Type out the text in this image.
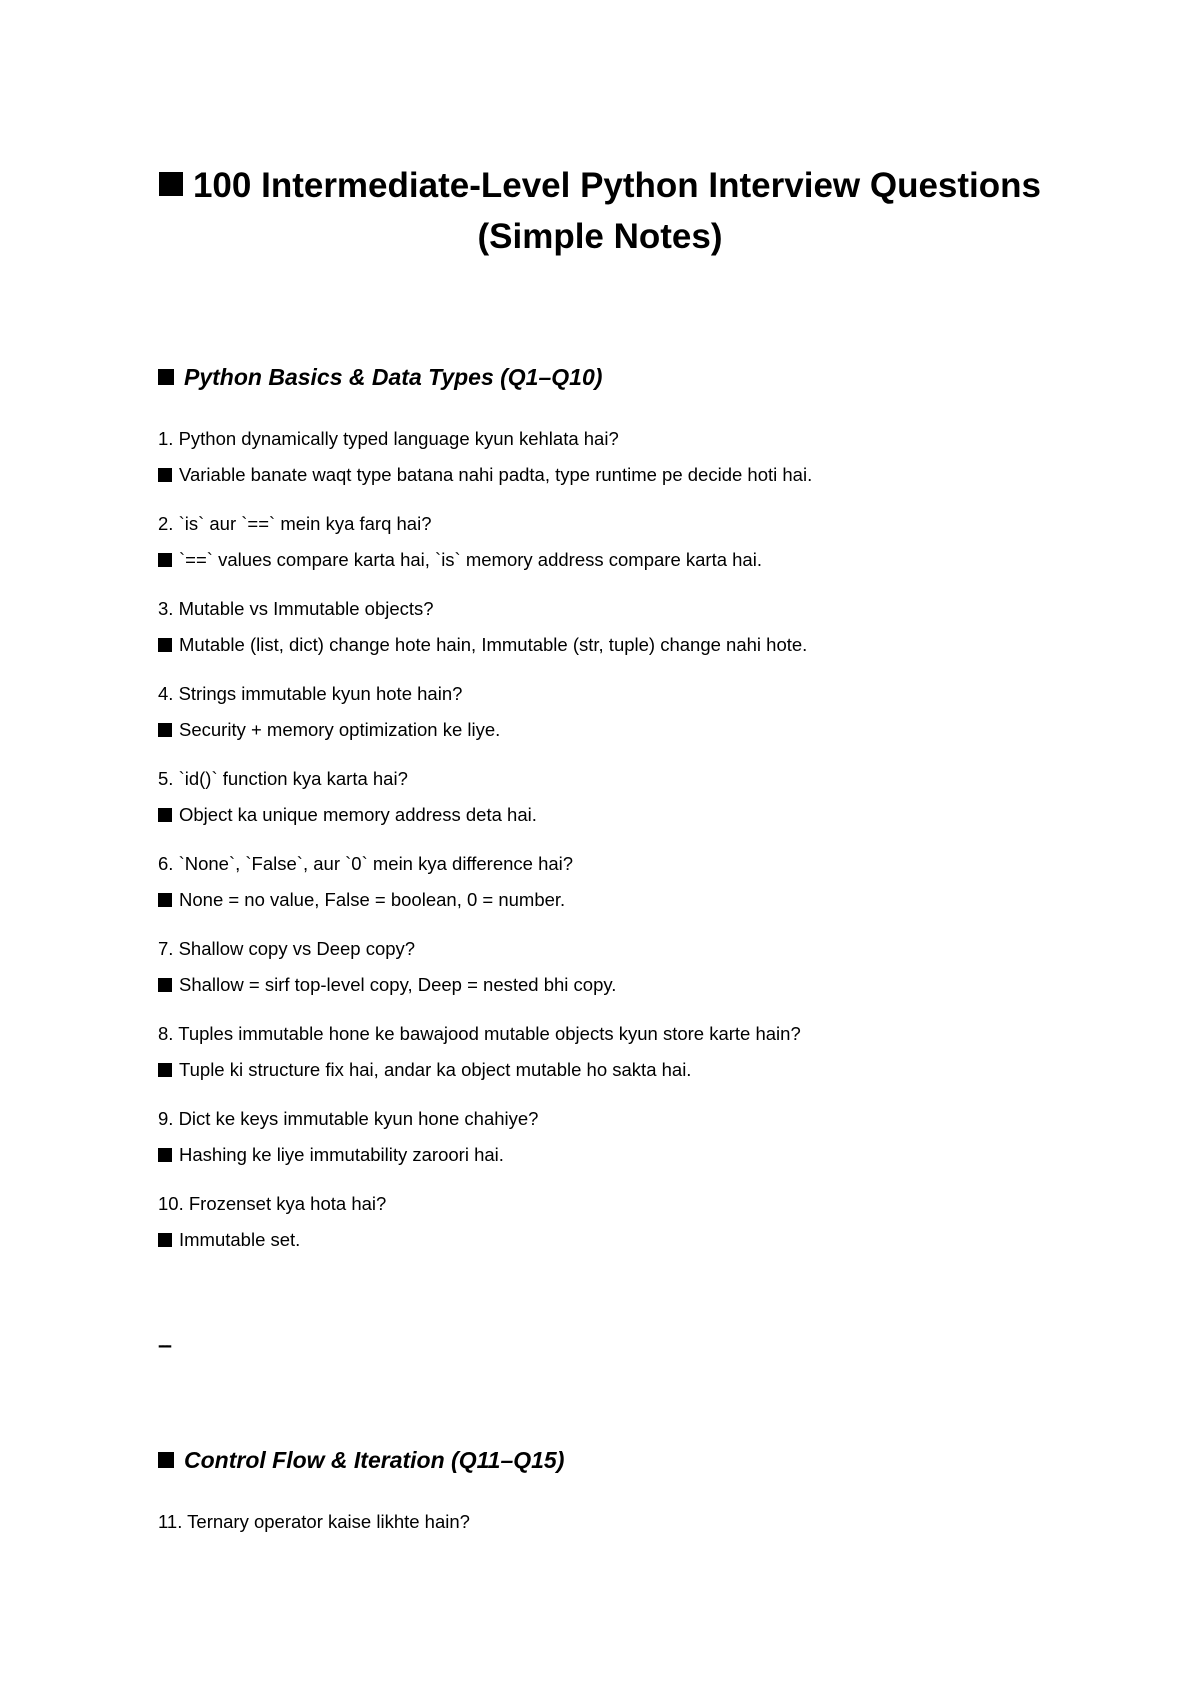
100 Intermediate-Level Python Interview Questions (Simple Notes)
Python Basics & Data Types (Q1–Q10)

1. Python dynamically typed language kyun kehlata hai?

Variable banate waqt type batana nahi padta, type runtime pe decide hoti hai.

2. `is` aur `==` mein kya farq hai?

`==` values compare karta hai, `is` memory address compare karta hai.

3. Mutable vs Immutable objects?

Mutable (list, dict) change hote hain, Immutable (str, tuple) change nahi hote.

4. Strings immutable kyun hote hain?

Security + memory optimization ke liye.

5. `id()` function kya karta hai?

Object ka unique memory address deta hai.

6. `None`, `False`, aur `0` mein kya difference hai?

None = no value, False = boolean, 0 = number.

7. Shallow copy vs Deep copy?

Shallow = sirf top-level copy, Deep = nested bhi copy.

8. Tuples immutable hone ke bawajood mutable objects kyun store karte hain?

Tuple ki structure fix hai, andar ka object mutable ho sakta hai.

9. Dict ke keys immutable kyun hone chahiye?

Hashing ke liye immutability zaroori hai.

10. Frozenset kya hota hai?

Immutable set.

---

Control Flow & Iteration (Q11–Q15)

11. Ternary operator kaise likhte hain?
